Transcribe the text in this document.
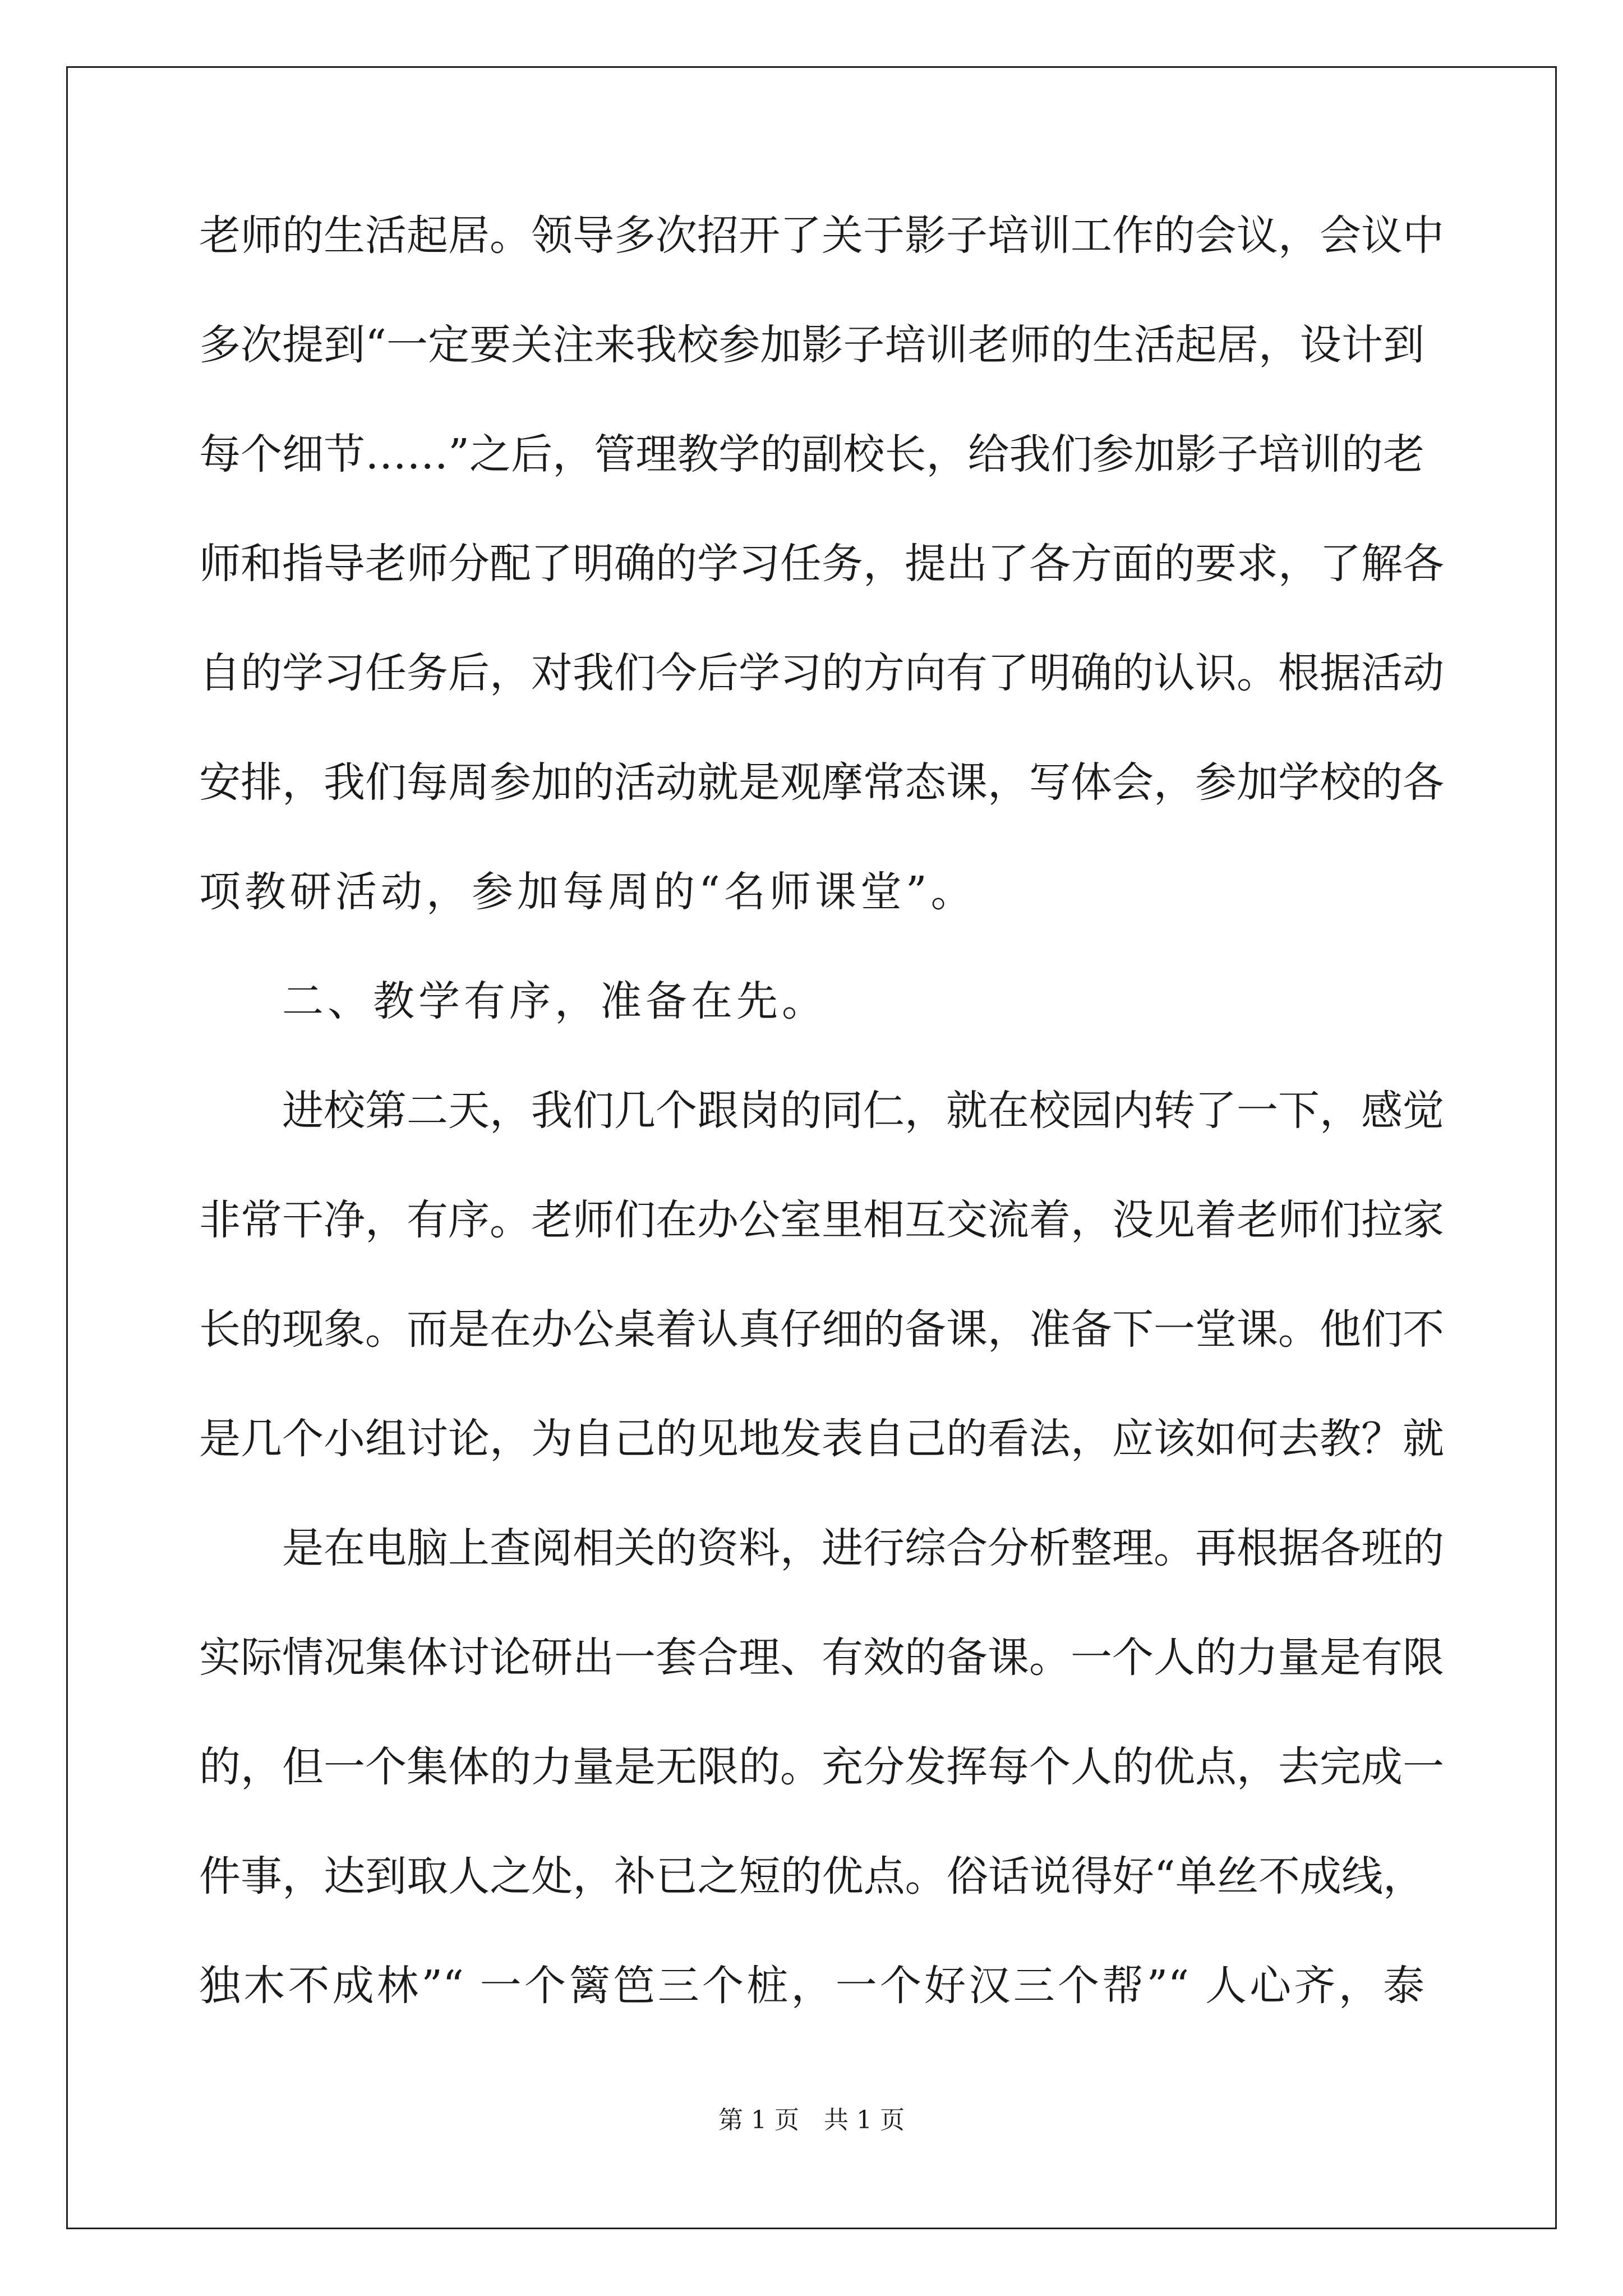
老师的生活起居。领导多次招开了关于影子培训工作的会议，会议中
多次提到“一定要关注来我校参加影子培训老师的生活起居，设计到
每个细节……”之后，管理教学的副校长，给我们参加影子培训的老
师和指导老师分配了明确的学习任务，提出了各方面的要求，了解各
自的学习任务后，对我们今后学习的方向有了明确的认识。根据活动
安排，我们每周参加的活动就是观摩常态课，写体会，参加学校的各
项教研活动，参加每周的“名师课堂”。
二、教学有序，准备在先。
进校第二天，我们几个跟岗的同仁，就在校园内转了一下，感觉
非常干净，有序。老师们在办公室里相互交流着，没见着老师们拉家
长的现象。而是在办公桌着认真仔细的备课，准备下一堂课。他们不
是几个小组讨论，为自己的见地发表自己的看法，应该如何去教？就
是在电脑上查阅相关的资料，进行综合分析整理。再根据各班的
实际情况集体讨论研出一套合理、有效的备课。一个人的力量是有限
的，但一个集体的力量是无限的。充分发挥每个人的优点，去完成一
件事，达到取人之处，补已之短的优点。俗话说得好“单丝不成线，
独木不成林”“ 一个篱笆三个桩，一个好汉三个帮”“ 人心齐，泰
第 1 页　共 1 页
